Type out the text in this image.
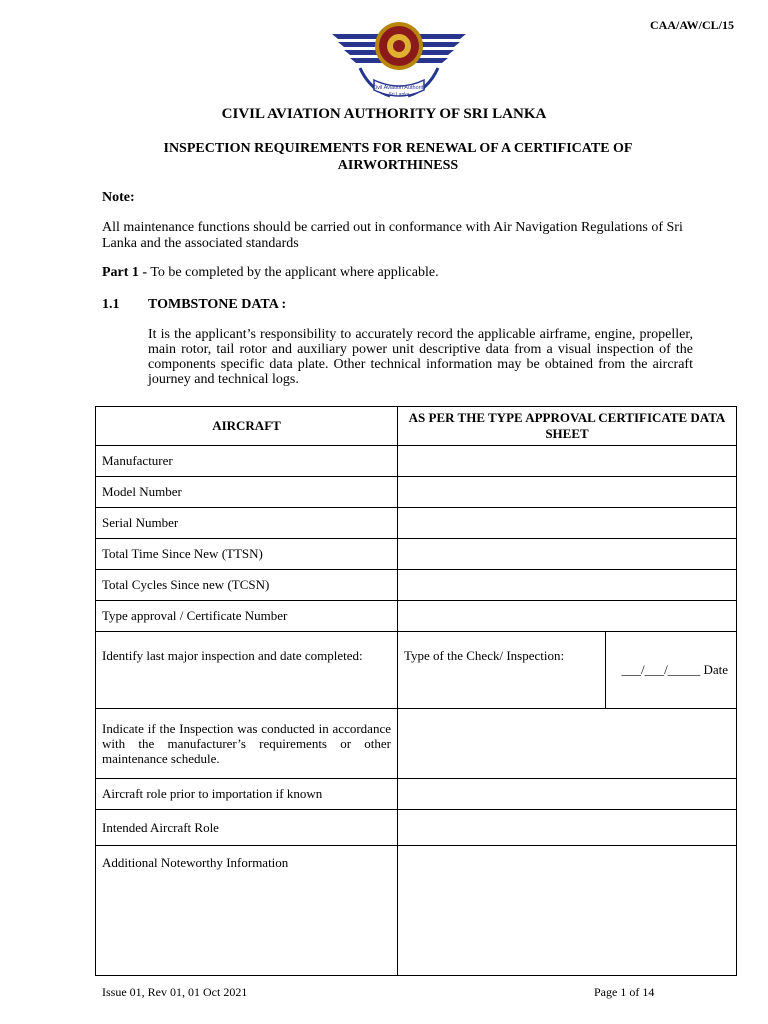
CAA/AW/CL/15
Civil Aviation Authority
Sri Lanka
CIVIL AVIATION AUTHORITY OF SRI LANKA
INSPECTION REQUIREMENTS FOR RENEWAL OF A CERTIFICATE OF AIRWORTHINESS
Note:
All maintenance functions should be carried out in conformance with Air Navigation Regulations of Sri Lanka and the associated standards
Part 1 - To be completed by the applicant where applicable.
1.1 TOMBSTONE DATA :
It is the applicant’s responsibility to accurately record the applicable airframe, engine, propeller, main rotor, tail rotor and auxiliary power unit descriptive data from a visual inspection of the components specific data plate. Other technical information may be obtained from the aircraft journey and technical logs.
AIRCRAFT	AS PER THE TYPE APPROVAL CERTIFICATE DATA SHEET	
Manufacturer		
Model Number		
Serial Number		
Total Time Since New (TTSN)		
Total Cycles Since new (TCSN)		
Type approval / Certificate Number		
Identify last major inspection and date completed:	Type of the Check/ Inspection:	___/___/_____ Date
Indicate if the Inspection was conducted in accordance with the manufacturer’s requirements or other maintenance schedule.		
Aircraft role prior to importation if known		
Intended Aircraft Role		
Additional Noteworthy Information		
Issue 01, Rev 01, 01 Oct 2021	Page 1 of 14
